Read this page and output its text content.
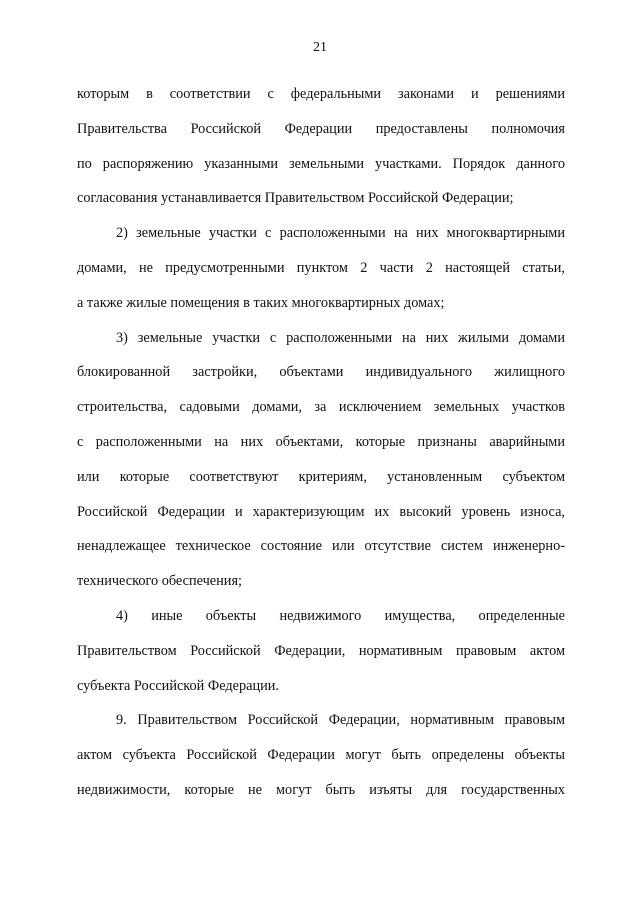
21
которым в соответствии с федеральными законами и решениями
Правительства Российской Федерации предоставлены полномочия
по распоряжению указанными земельными участками. Порядок данного
согласования устанавливается Правительством Российской Федерации;
2) земельные участки с расположенными на них многоквартирными
домами, не предусмотренными пунктом 2 части 2 настоящей статьи,
а также жилые помещения в таких многоквартирных домах;
3) земельные участки с расположенными на них жилыми домами
блокированной застройки, объектами индивидуального жилищного
строительства, садовыми домами, за исключением земельных участков
с расположенными на них объектами, которые признаны аварийными
или которые соответствуют критериям, установленным субъектом
Российской Федерации и характеризующим их высокий уровень износа,
ненадлежащее техническое состояние или отсутствие систем инженерно-
технического обеспечения;
4) иные объекты недвижимого имущества, определенные
Правительством Российской Федерации, нормативным правовым актом
субъекта Российской Федерации.
9. Правительством Российской Федерации, нормативным правовым
актом субъекта Российской Федерации могут быть определены объекты
недвижимости, которые не могут быть изъяты для государственных
